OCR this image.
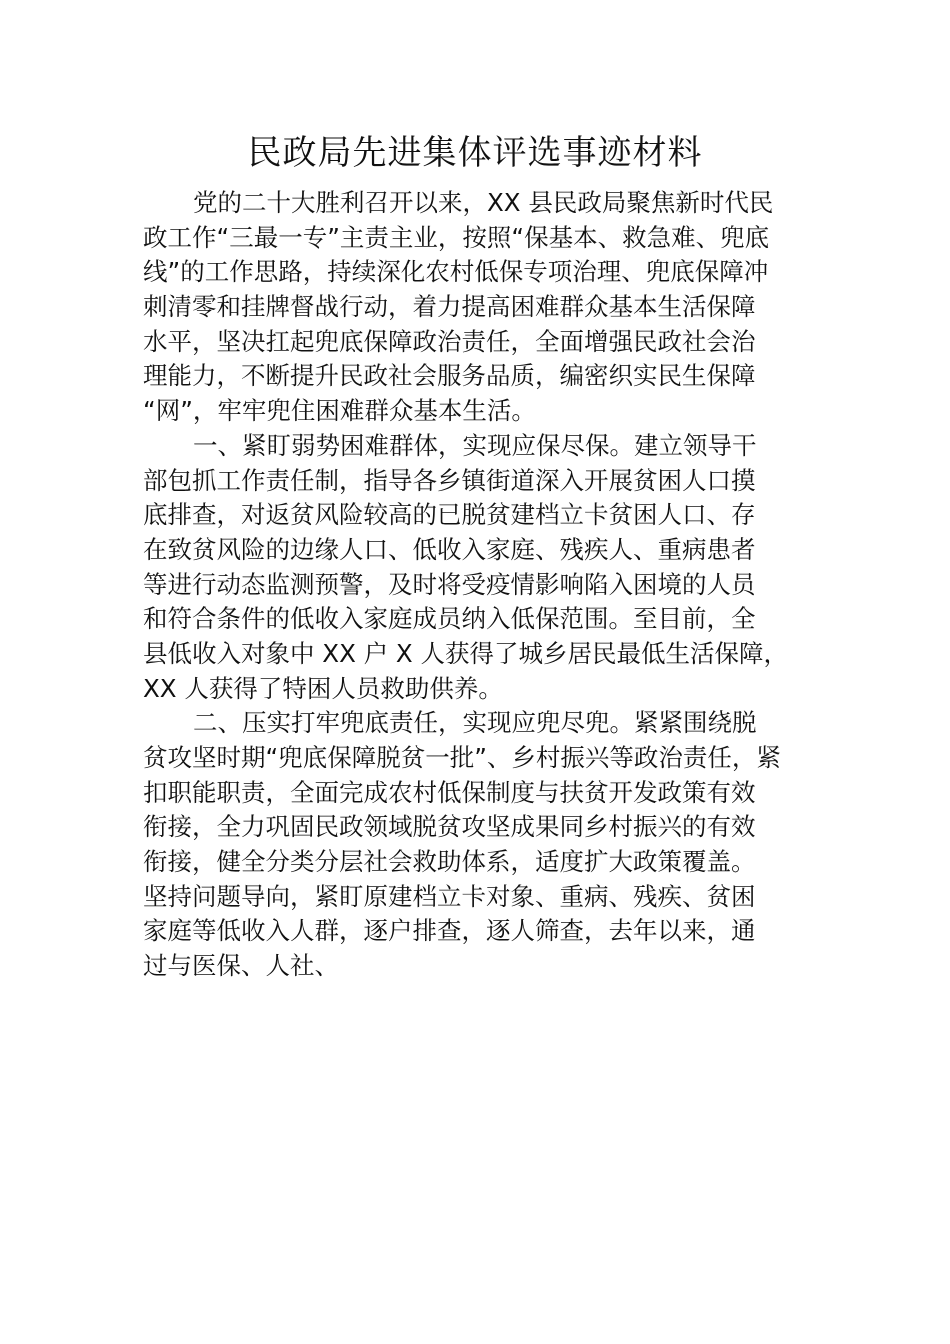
民政局先进集体评选事迹材料

党的二十大胜利召开以来，XX 县民政局聚焦新时代民

政工作“三最一专”主责主业，按照“保基本、救急难、兜底

线”的工作思路，持续深化农村低保专项治理、兜底保障冲

刺清零和挂牌督战行动，着力提高困难群众基本生活保障

水平，坚决扛起兜底保障政治责任，全面增强民政社会治

理能力，不断提升民政社会服务品质，编密织实民生保障

“网”，牢牢兜住困难群众基本生活。

一、紧盯弱势困难群体，实现应保尽保。建立领导干

部包抓工作责任制，指导各乡镇街道深入开展贫困人口摸

底排查，对返贫风险较高的已脱贫建档立卡贫困人口、存

在致贫风险的边缘人口、低收入家庭、残疾人、重病患者

等进行动态监测预警，及时将受疫情影响陷入困境的人员

和符合条件的低收入家庭成员纳入低保范围。至目前，全

县低收入对象中 XX 户 X 人获得了城乡居民最低生活保障，

XX 人获得了特困人员救助供养。

二、压实打牢兜底责任，实现应兜尽兜。紧紧围绕脱

贫攻坚时期“兜底保障脱贫一批”、乡村振兴等政治责任，紧

扣职能职责，全面完成农村低保制度与扶贫开发政策有效

衔接，全力巩固民政领域脱贫攻坚成果同乡村振兴的有效

衔接，健全分类分层社会救助体系，适度扩大政策覆盖。

坚持问题导向，紧盯原建档立卡对象、重病、残疾、贫困

家庭等低收入人群，逐户排查，逐人筛查，去年以来，通

过与医保、人社、
